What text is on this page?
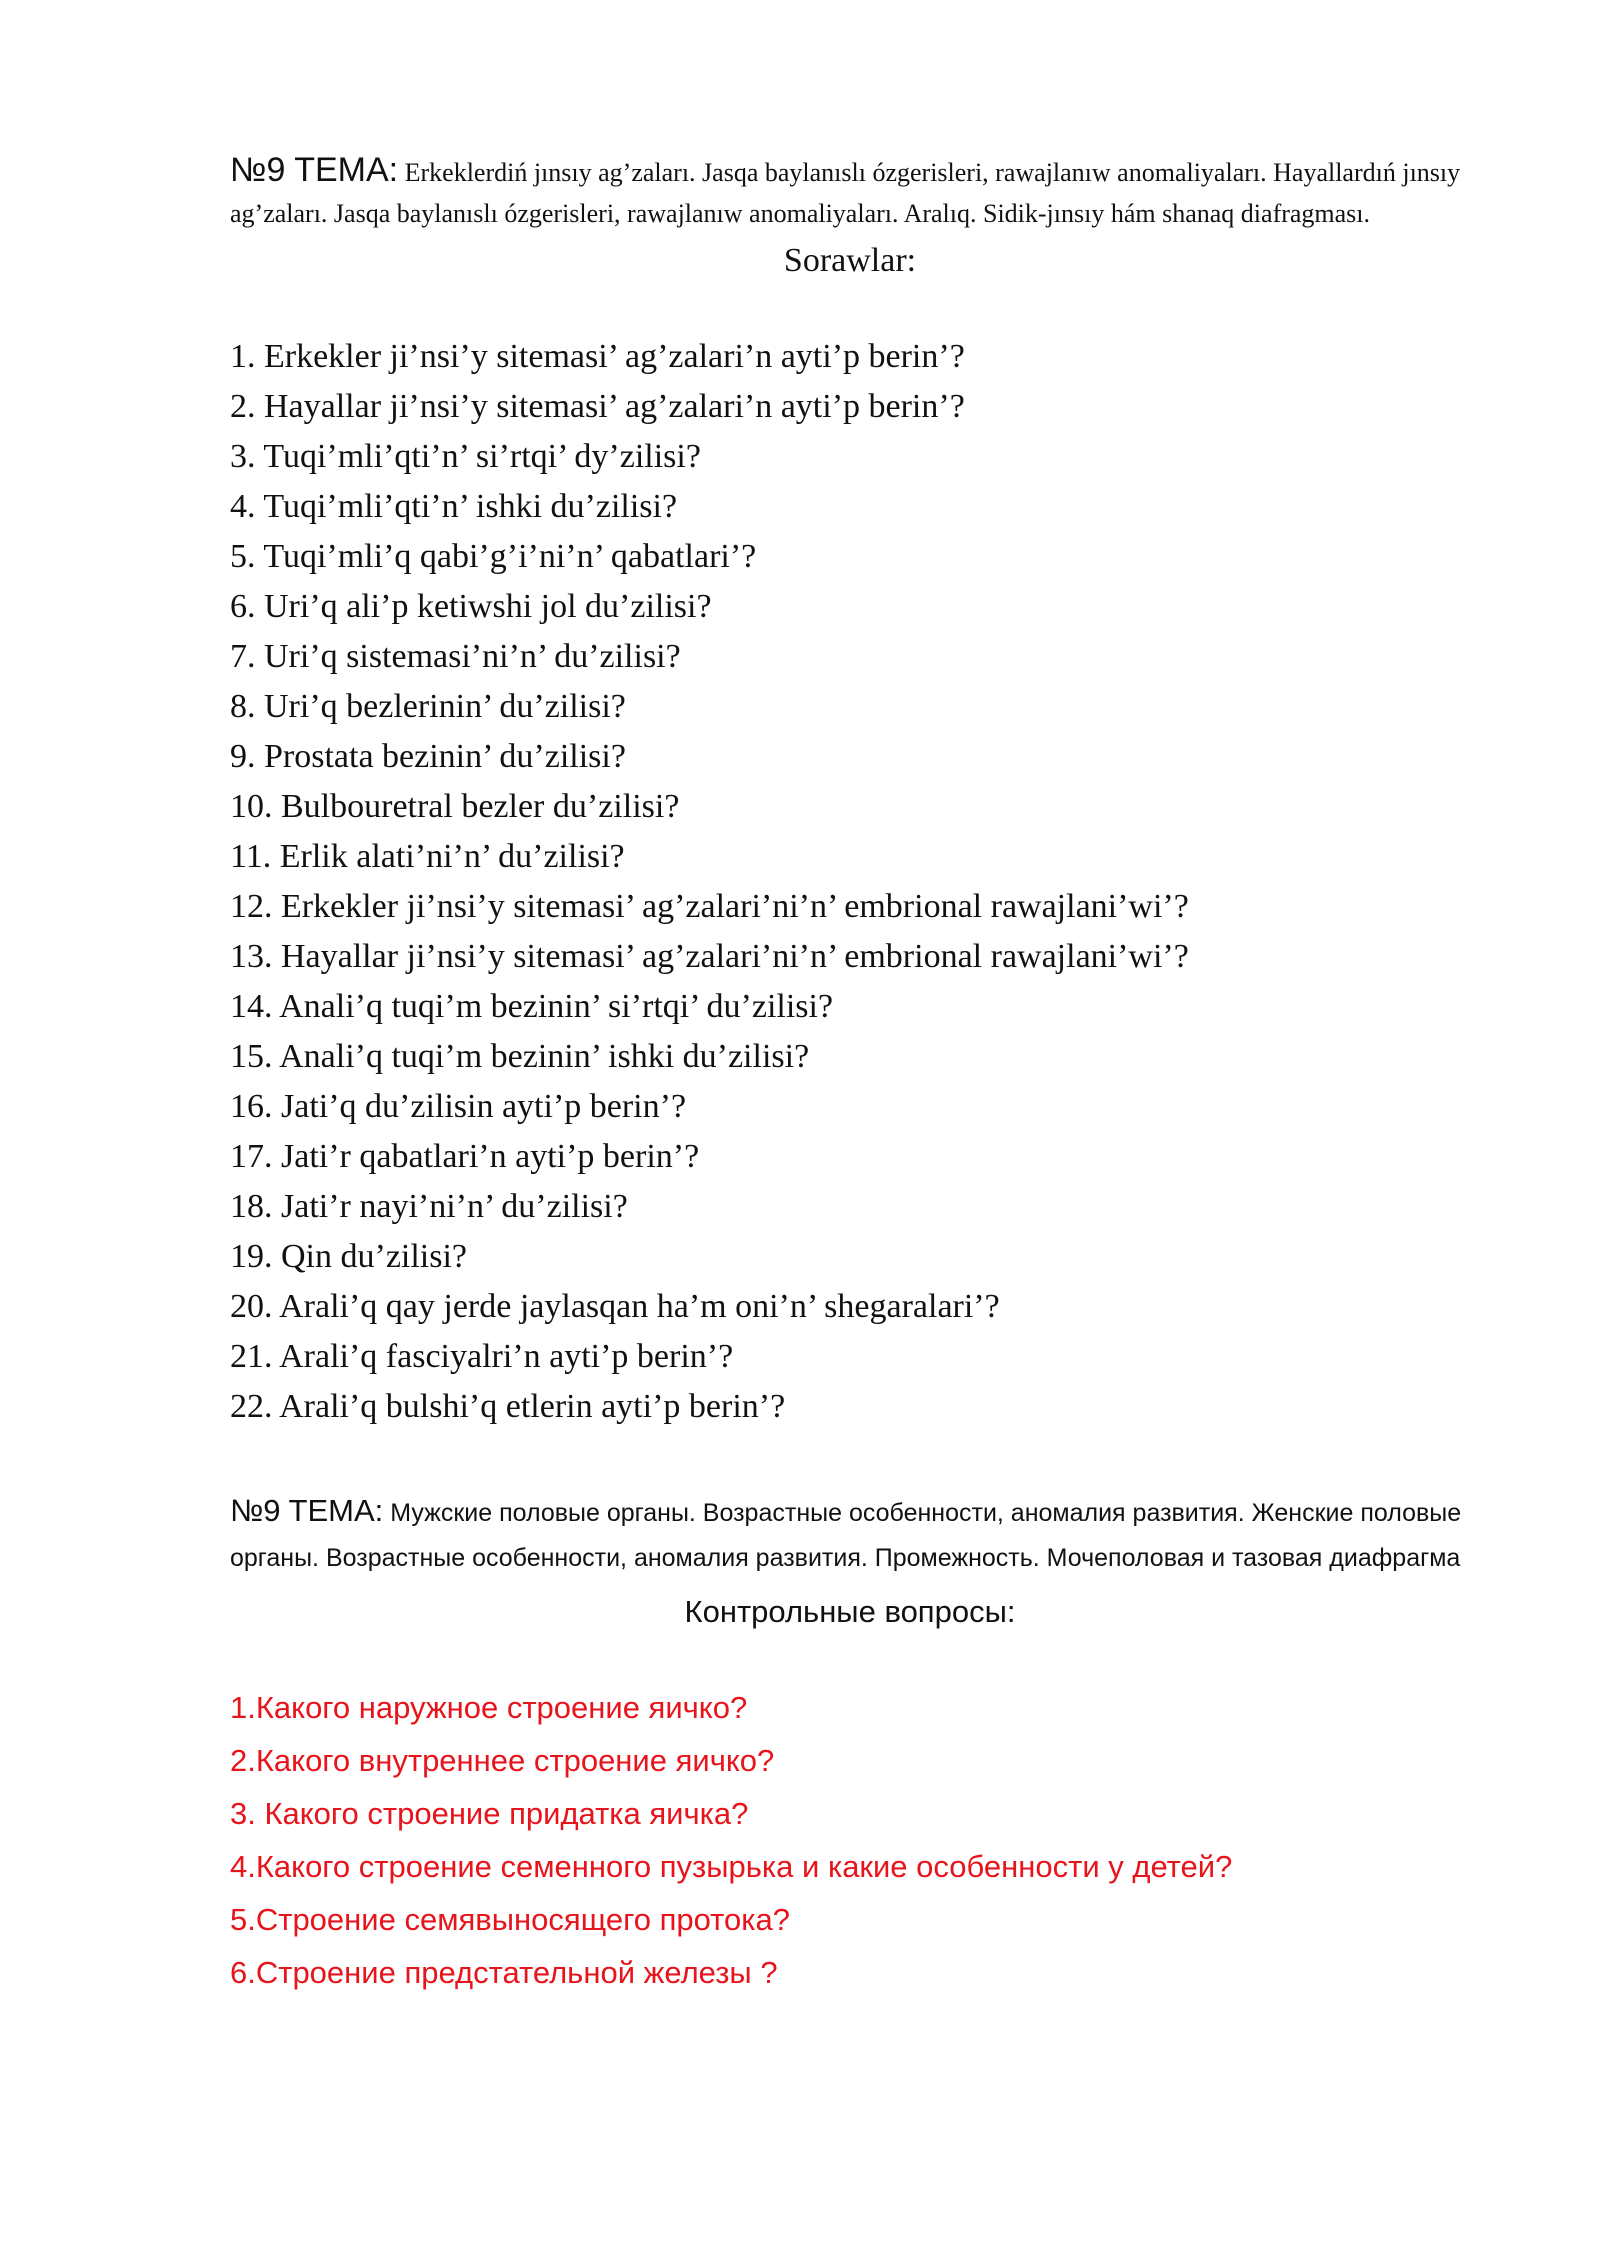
№9 TEMA: Erkeklerdiń jınsıy ag’zaları. Jasqa baylanıslı ózgerisleri, rawajlanıw anomaliyaları. Hayallardıń jınsıy ag’zaları. Jasqa baylanıslı ózgerisleri, rawajlanıw anomaliyaları. Aralıq. Sidik-jınsıy hám shanaq diafragması.

Sorawlar:

1. Erkekler ji’nsi’y sitemasi’ ag’zalari’n ayti’p berin’?
2. Hayallar ji’nsi’y sitemasi’ ag’zalari’n ayti’p berin’?
3. Tuqi’mli’qti’n’ si’rtqi’ dy’zilisi?
4. Tuqi’mli’qti’n’ ishki du’zilisi?
5. Tuqi’mli’q qabi’g’i’ni’n’ qabatlari’?
6. Uri’q ali’p ketiwshi jol du’zilisi?
7. Uri’q sistemasi’ni’n’ du’zilisi?
8. Uri’q bezlerinin’ du’zilisi?
9. Prostata bezinin’ du’zilisi?
10. Bulbouretral bezler du’zilisi?
11. Erlik alati’ni’n’ du’zilisi?
12. Erkekler ji’nsi’y sitemasi’ ag’zalari’ni’n’ embrional rawajlani’wi’?
13. Hayallar ji’nsi’y sitemasi’ ag’zalari’ni’n’ embrional rawajlani’wi’?
14. Anali’q tuqi’m bezinin’ si’rtqi’ du’zilisi?
15. Anali’q tuqi’m bezinin’ ishki du’zilisi?
16. Jati’q du’zilisin ayti’p berin’?
17. Jati’r qabatlari’n ayti’p berin’?
18. Jati’r nayi’ni’n’ du’zilisi?
19. Qin du’zilisi?
20. Arali’q qay jerde jaylasqan ha’m oni’n’ shegaralari’?
21. Arali’q fasciyalri’n ayti’p berin’?
22. Arali’q bulshi’q etlerin ayti’p berin’?

№9 TEMA: Мужские половые органы. Возрастные особенности, аномалия развития. Женские половые органы. Возрастные особенности, аномалия развития. Промежность. Мочеполовая и тазовая диафрагма

Контрольные вопросы:

1.Какого наружное строение яичко?
2.Какого внутреннее строение яичко?
3. Какого строение придатка яичка?
4.Какого строение семенного пузырька и какие особенности у детей?
5.Строение семявыносящего протока?
6.Строение предстательной железы ?
